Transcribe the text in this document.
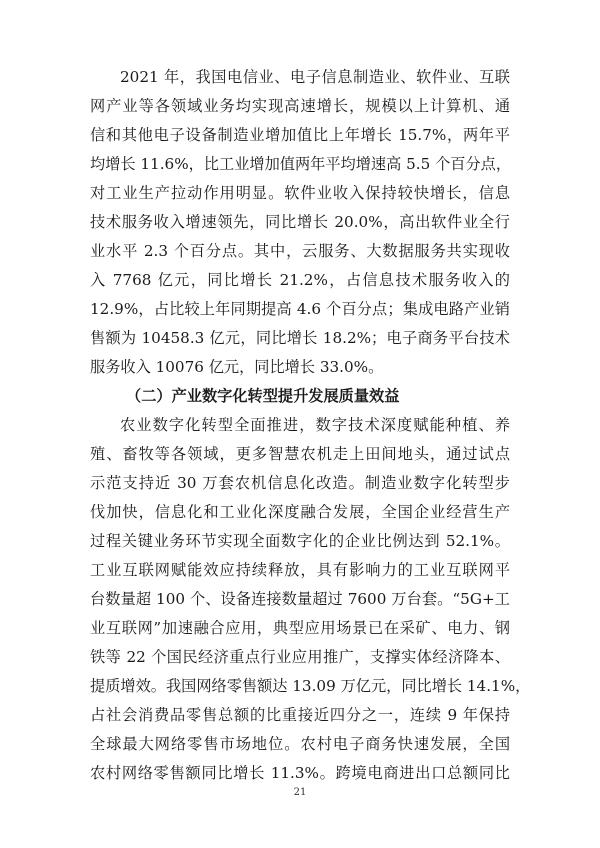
2021 年，我国电信业、电子信息制造业、软件业、互联
网产业等各领域业务均实现高速增长，规模以上计算机、通
信和其他电子设备制造业增加值比上年增长 15.7%，两年平
均增长 11.6%，比工业增加值两年平均增速高 5.5 个百分点，
对工业生产拉动作用明显。软件业收入保持较快增长，信息
技术服务收入增速领先，同比增长 20.0%，高出软件业全行
业水平 2.3 个百分点。其中，云服务、大数据服务共实现收
入 7768 亿元，同比增长 21.2%，占信息技术服务收入的
12.9%，占比较上年同期提高 4.6 个百分点；集成电路产业销
售额为 10458.3 亿元，同比增长 18.2%；电子商务平台技术
服务收入 10076 亿元，同比增长 33.0%。
（二）产业数字化转型提升发展质量效益
农业数字化转型全面推进，数字技术深度赋能种植、养
殖、畜牧等各领域，更多智慧农机走上田间地头，通过试点
示范支持近 30 万套农机信息化改造。制造业数字化转型步
伐加快，信息化和工业化深度融合发展，全国企业经营生产
过程关键业务环节实现全面数字化的企业比例达到 52.1%。
工业互联网赋能效应持续释放，具有影响力的工业互联网平
台数量超 100 个、设备连接数量超过 7600 万台套。“5G+工
业互联网”加速融合应用，典型应用场景已在采矿、电力、钢
铁等 22 个国民经济重点行业应用推广，支撑实体经济降本、
提质增效。我国网络零售额达 13.09 万亿元，同比增长 14.1%，
占社会消费品零售总额的比重接近四分之一，连续 9 年保持
全球最大网络零售市场地位。农村电子商务快速发展，全国
农村网络零售额同比增长 11.3%。跨境电商进出口总额同比
21
